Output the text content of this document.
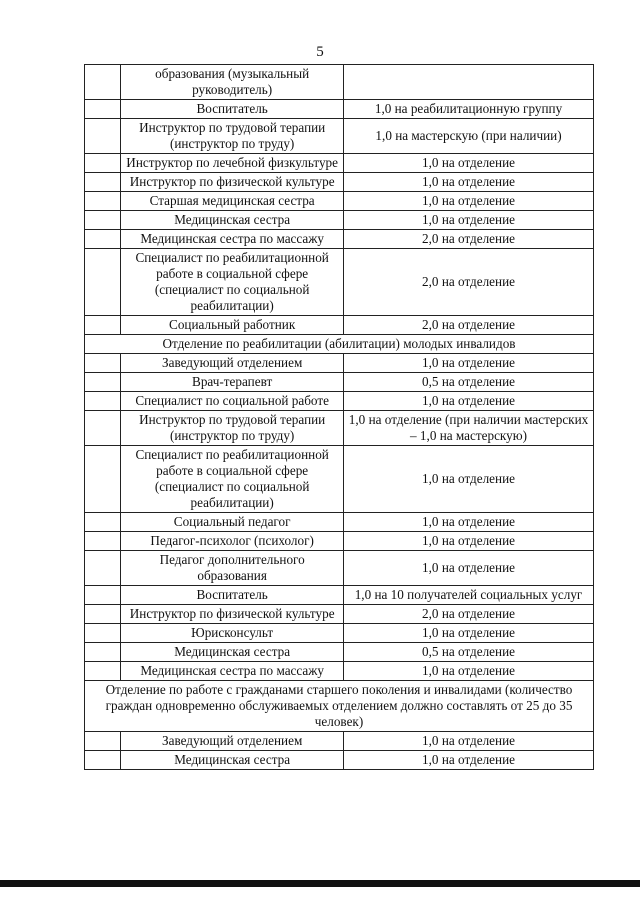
5
	образования (музыкальный руководитель)	
	Воспитатель	1,0 на реабилитационную группу
	Инструктор по трудовой терапии (инструктор по труду)	1,0 на мастерскую (при наличии)
	Инструктор по лечебной физкультуре	1,0 на отделение
	Инструктор по физической культуре	1,0 на отделение
	Старшая медицинская сестра	1,0 на отделение
	Медицинская сестра	1,0 на отделение
	Медицинская сестра по массажу	2,0 на отделение
	Специалист по реабилитационной работе в социальной сфере (специалист по социальной реабилитации)	2,0 на отделение
	Социальный работник	2,0 на отделение
Отделение по реабилитации (абилитации) молодых инвалидов		
	Заведующий отделением	1,0 на отделение
	Врач-терапевт	0,5 на отделение
	Специалист по социальной работе	1,0 на отделение
	Инструктор по трудовой терапии (инструктор по труду)	1,0 на отделение (при наличии мастерских – 1,0 на мастерскую)
	Специалист по реабилитационной работе в социальной сфере (специалист по социальной реабилитации)	1,0 на отделение
	Социальный педагог	1,0 на отделение
	Педагог-психолог (психолог)	1,0 на отделение
	Педагог дополнительного образования	1,0 на отделение
	Воспитатель	1,0 на 10 получателей социальных услуг
	Инструктор по физической культуре	2,0 на отделение
	Юрисконсульт	1,0 на отделение
	Медицинская сестра	0,5 на отделение
	Медицинская сестра по массажу	1,0 на отделение
Отделение по работе с гражданами старшего поколения и инвалидами (количество граждан одновременно обслуживаемых отделением должно составлять от 25 до 35 человек)		
	Заведующий отделением	1,0 на отделение
	Медицинская сестра	1,0 на отделение
